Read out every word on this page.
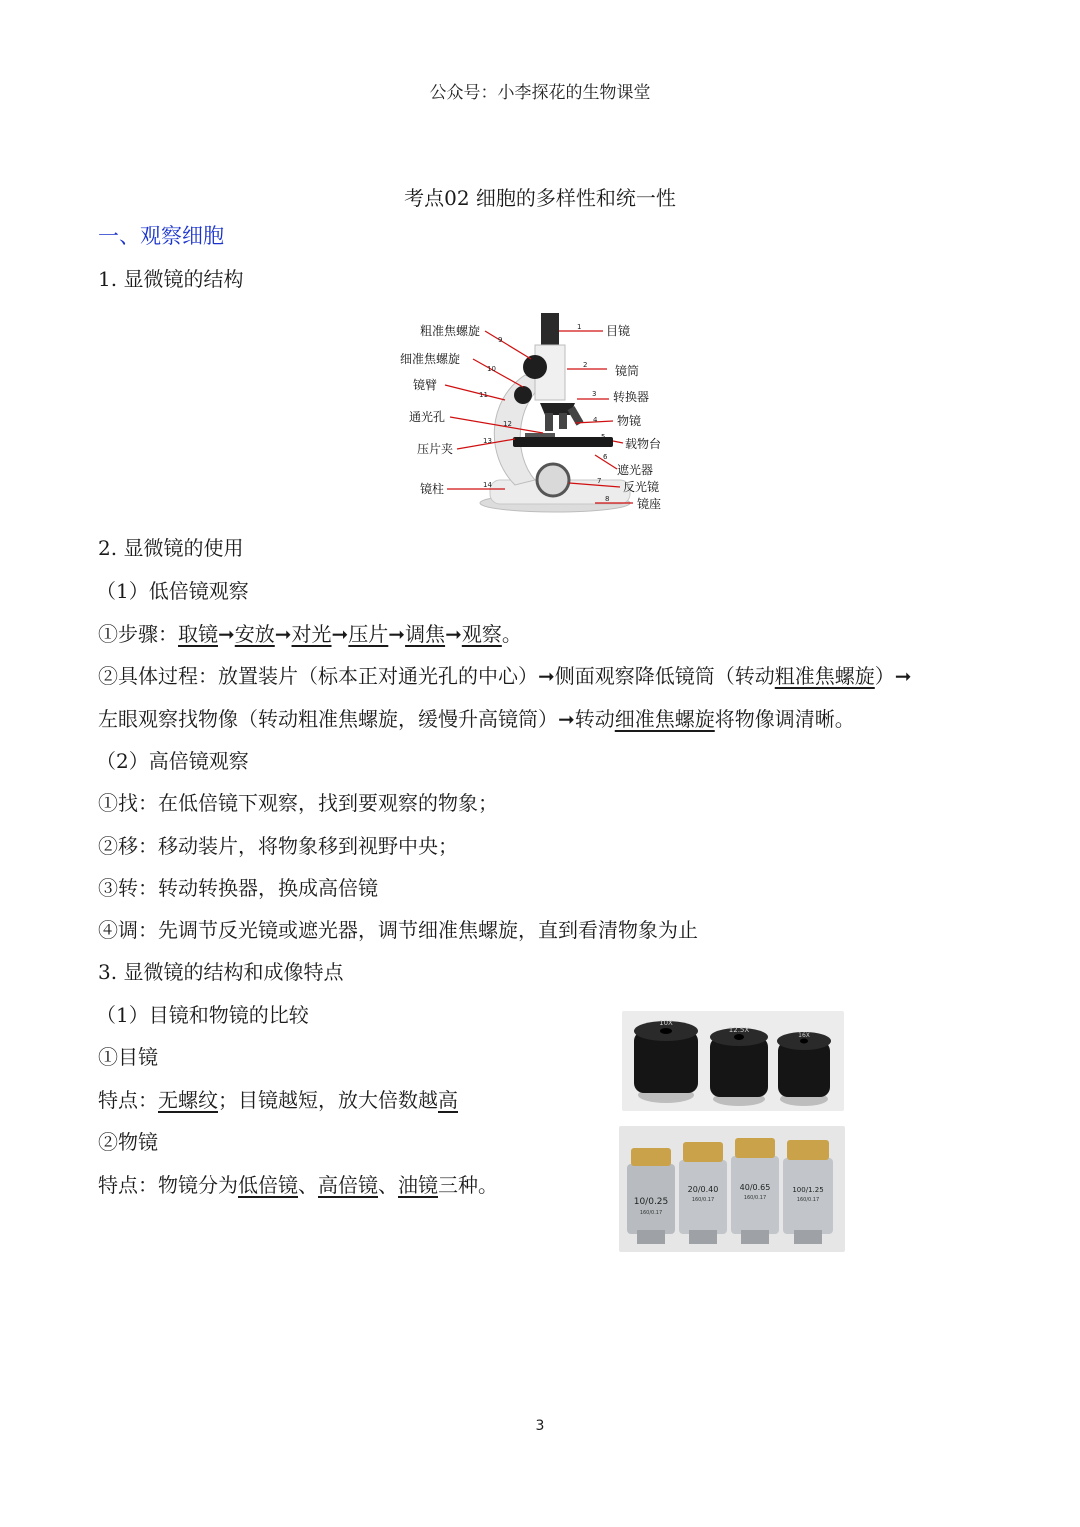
公众号：小李探花的生物课堂
考点02 细胞的多样性和统一性
一、观察细胞
1. 显微镜的结构
粗准焦螺旋
细准焦螺旋
镜臂
通光孔
压片夹
镜柱
目镜
镜筒
转换器
物镜
载物台
遮光器
反光镜
镜座
1
2
3
4
5
6
7
8
9
10
11
12
13
14
2. 显微镜的使用
（1）低倍镜观察
①步骤：取镜➞安放➞对光➞压片➞调焦➞观察。
②具体过程：放置装片（标本正对通光孔的中心）➞侧面观察降低镜筒（转动粗准焦螺旋）➞
左眼观察找物像（转动粗准焦螺旋，缓慢升高镜筒）➞转动细准焦螺旋将物像调清晰。
（2）高倍镜观察
①找：在低倍镜下观察，找到要观察的物象；
②移：移动装片，将物象移到视野中央；
③转：转动转换器，换成高倍镜
④调：先调节反光镜或遮光器，调节细准焦螺旋，直到看清物象为止
3. 显微镜的结构和成像特点
（1）目镜和物镜的比较
①目镜
特点：无螺纹；目镜越短，放大倍数越高
②物镜
特点：物镜分为低倍镜、高倍镜、油镜三种。
10X
12.5X
16X
10/0.25
160/0.17
20/0.40
160/0.17
40/0.65
160/0.17
100/1.25
160/0.17
3
